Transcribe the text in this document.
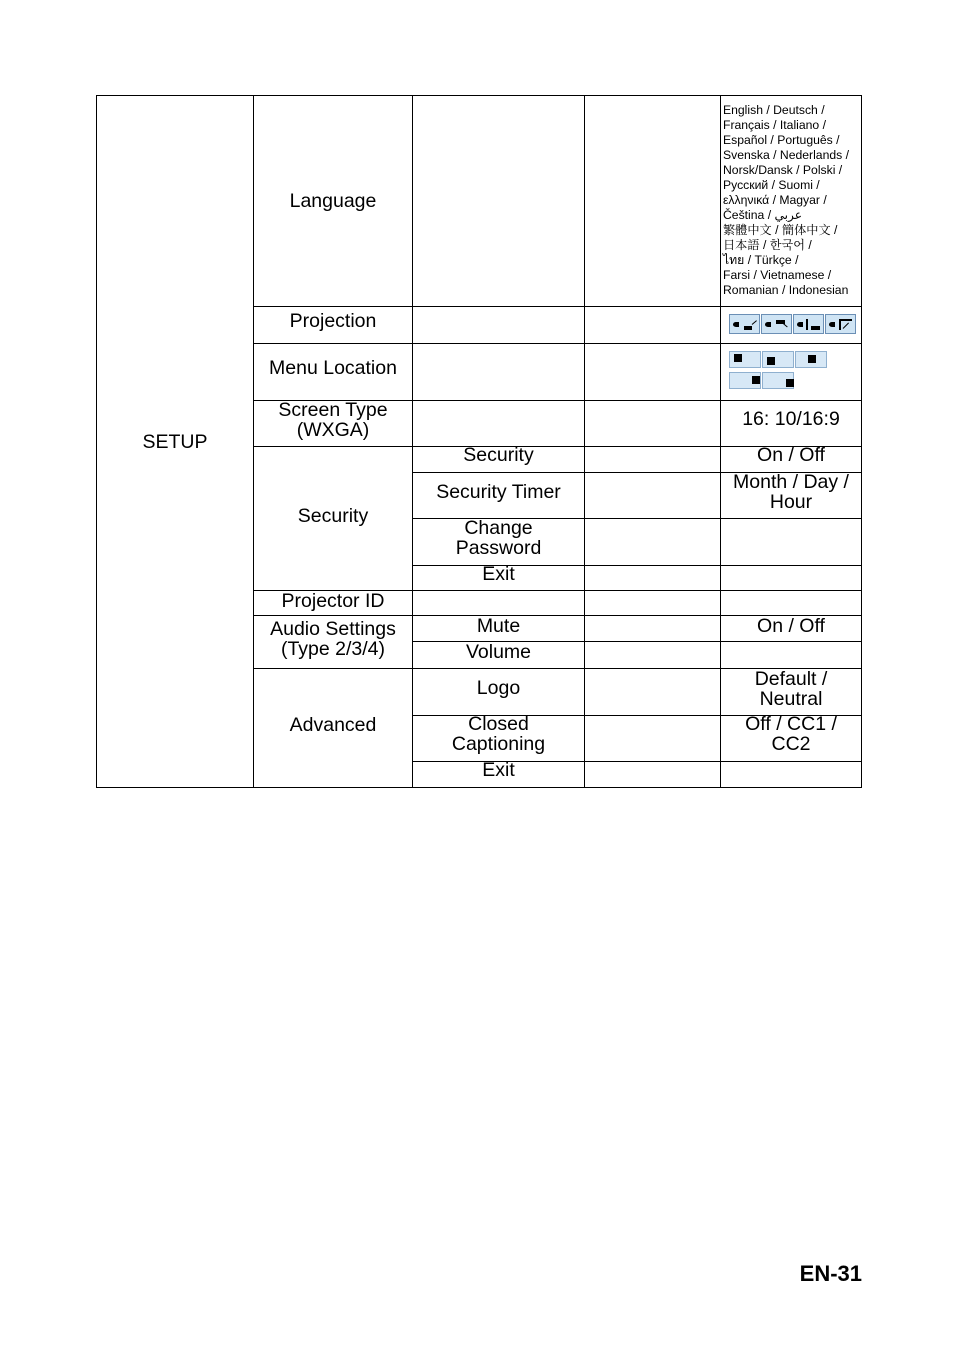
SETUP
Language
Projection
Menu Location
Screen Type
(WXGA)
Security
Projector ID
Audio Settings
(Type 2/3/4)
Advanced
Security
Security Timer
Change
Password
Exit
Mute
Volume
Logo
Closed
Captioning
Exit
English / Deutsch /
Français / Italiano /
Español / Português /
Svenska / Nederlands /
Norsk/Dansk / Polski /
Русский / Suomi /
ελληνικά / Magyar /
Čeština / عربي
繁體中文 / 簡体中文 /
日本語 / 한국어 /
ไทย / Türkçe /
Farsi / Vietnamese /
Romanian / Indonesian
16: 10/16:9
On / Off
Month / Day /
Hour
On / Off
Default /
Neutral
Off / CC1 /
CC2
EN-31
